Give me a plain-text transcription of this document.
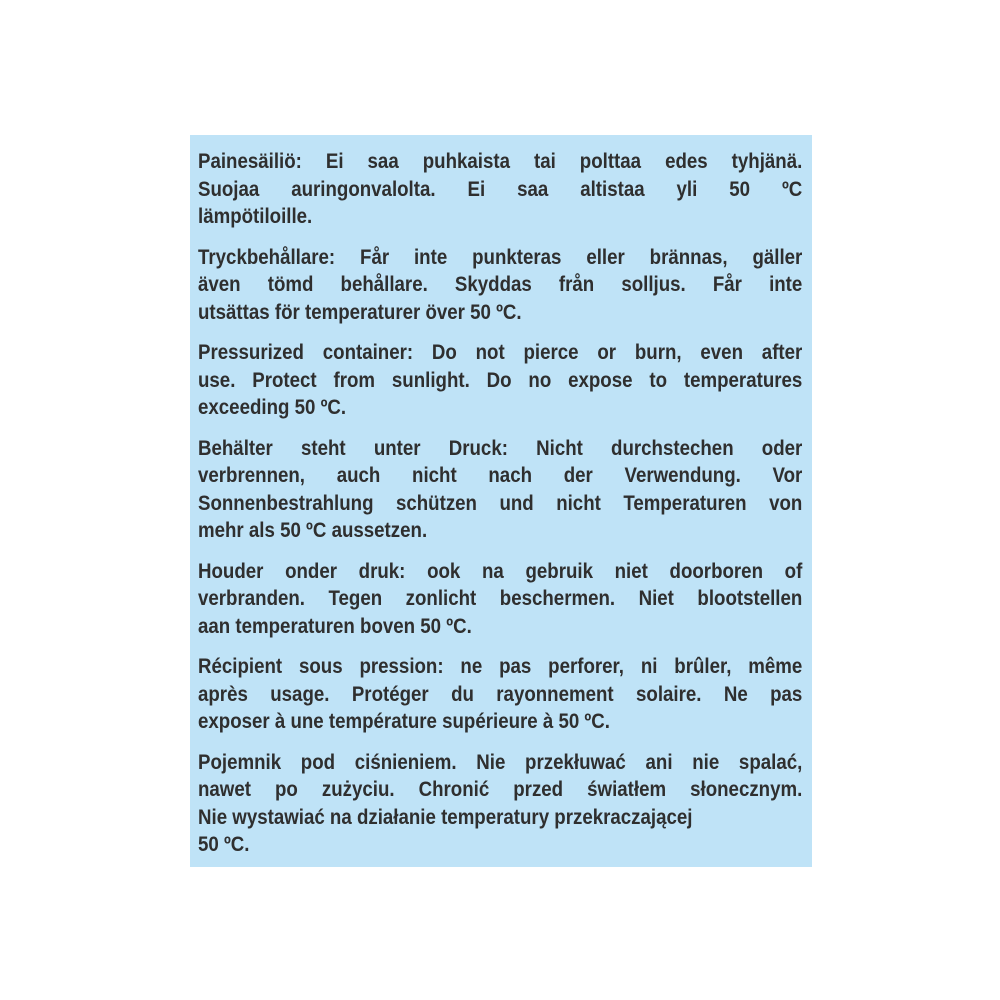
Painesäiliö: Ei saa puhkaista tai polttaa edes tyhjänä.
Suojaa auringonvalolta. Ei saa altistaa yli 50 ºC
lämpötiloille.

Tryckbehållare: Får inte punkteras eller brännas, gäller
även tömd behållare. Skyddas från solljus. Får inte
utsättas för temperaturer över 50 ºC.

Pressurized container: Do not pierce or burn, even after
use. Protect from sunlight. Do no expose to temperatures
exceeding 50 ºC.

Behälter steht unter Druck: Nicht durchstechen oder
verbrennen, auch nicht nach der Verwendung. Vor
Sonnenbestrahlung schützen und nicht Temperaturen von
mehr als 50 ºC aussetzen.

Houder onder druk: ook na gebruik niet doorboren of
verbranden. Tegen zonlicht beschermen. Niet blootstellen
aan temperaturen boven 50 ºC.

Récipient sous pression: ne pas perforer, ni brûler, même
après usage. Protéger du rayonnement solaire. Ne pas
exposer à une température supérieure à 50 ºC.

Pojemnik pod ciśnieniem. Nie przekłuwać ani nie spalać,
nawet po zużyciu. Chronić przed światłem słonecznym.
Nie wystawiać na działanie temperatury przekraczającej
50 ºC.
